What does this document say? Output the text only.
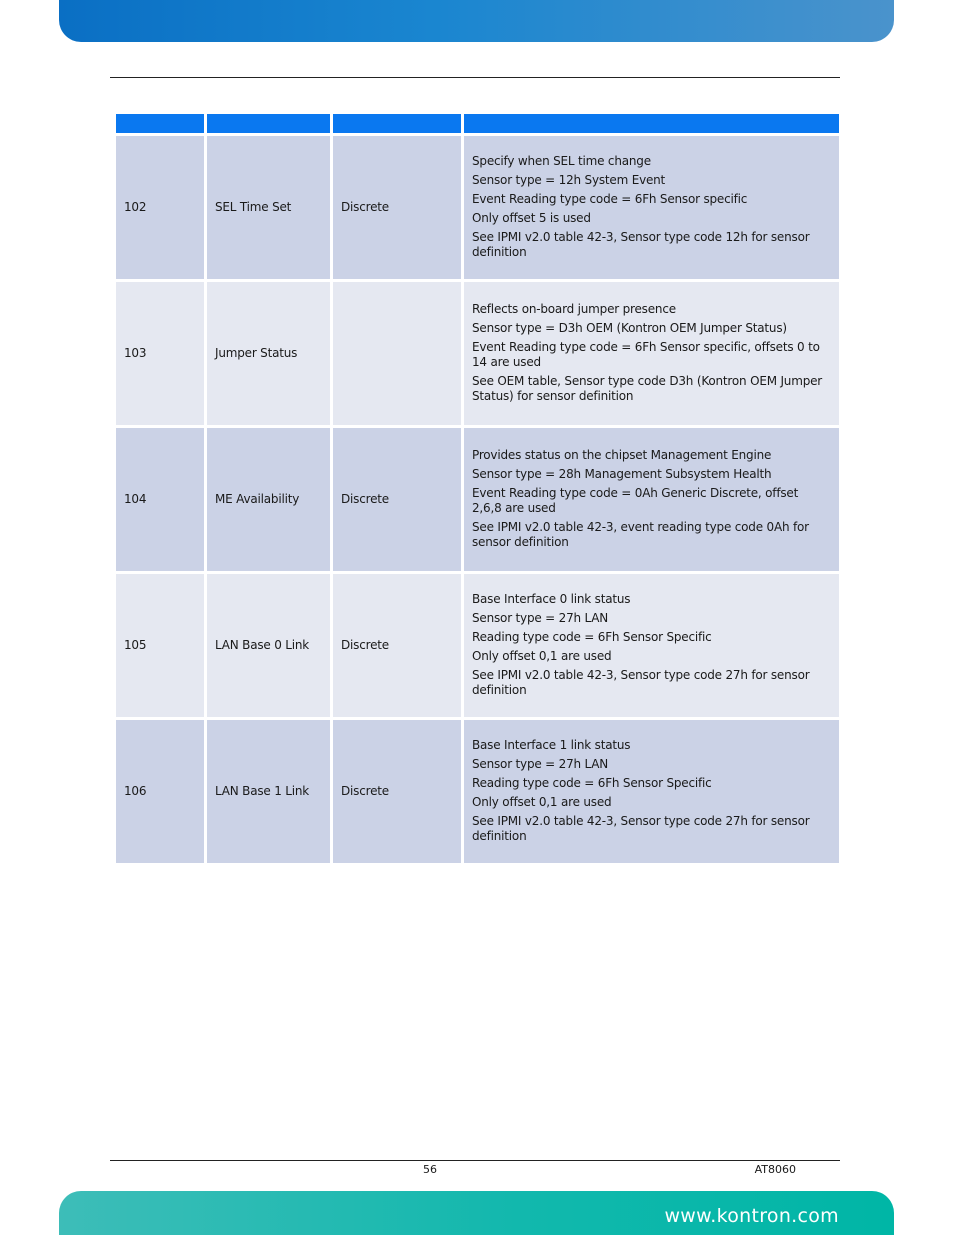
102	SEL Time Set	Discrete	Specify when SEL time change
Sensor type = 12h System Event
Event Reading type code = 6Fh Sensor specific
Only offset 5 is used
See IPMI v2.0 table 42-3, Sensor type code 12h for sensor definition

103	Jumper Status		Reflects on-board jumper presence
Sensor type = D3h OEM (Kontron OEM Jumper Status)
Event Reading type code = 6Fh Sensor specific, offsets 0 to 14 are used
See OEM table, Sensor type code D3h (Kontron OEM Jumper Status) for sensor definition

104	ME Availability	Discrete	Provides status on the chipset Management Engine
Sensor type = 28h Management Subsystem Health
Event Reading type code = 0Ah Generic Discrete, offset 2,6,8 are used
See IPMI v2.0 table 42-3, event reading type code 0Ah for sensor definition

105	LAN Base 0 Link	Discrete	Base Interface 0 link status
Sensor type = 27h LAN
Reading type code = 6Fh Sensor Specific
Only offset 0,1 are used
See IPMI v2.0 table 42-3, Sensor type code 27h for sensor definition

106	LAN Base 1 Link	Discrete	Base Interface 1 link status
Sensor type = 27h LAN
Reading type code = 6Fh Sensor Specific
Only offset 0,1 are used
See IPMI v2.0 table 42-3, Sensor type code 27h for sensor definition
56	AT8060
www.kontron.com
